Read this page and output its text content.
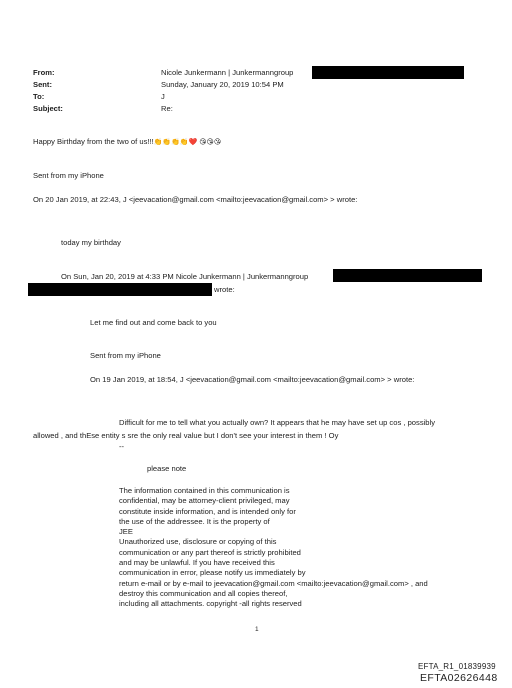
From:
Sent:
To:
Subject:
Nicole Junkermann | Junkermanngroup
Sunday, January 20, 2019 10:54 PM
J
Re:
Happy Birthday from the two of us!!!👏👏👏👏❤️ 😘😘😘
Sent from my iPhone
On 20 Jan 2019, at 22:43, J <jeevacation@gmail.com <mailto:jeevacation@gmail.com> > wrote:
today my birthday
On Sun, Jan 20, 2019 at 4:33 PM Nicole Junkermann | Junkermanngroup
wrote:
Let me find out and come back to you
Sent from my iPhone
On 19 Jan 2019, at 18:54, J <jeevacation@gmail.com <mailto:jeevacation@gmail.com> > wrote:
Difficult for me to tell what you actually own? It appears that he may have set up cos , possibly
allowed , and thEse entity s sre the only real value but I don't see your interest in them ! Oy
--
please note
The information contained in this communication is
confidential, may be attorney-client privileged, may
constitute inside information, and is intended only for
the use of the addressee. It is the property of
JEE
Unauthorized use, disclosure or copying of this
communication or any part thereof is strictly prohibited
and may be unlawful. If you have received this
communication in error, please notify us immediately by
return e-mail or by e-mail to jeevacation@gmail.com <mailto:jeevacation@gmail.com> , and
destroy this communication and all copies thereof,
including all attachments. copyright -all rights reserved
1
EFTA_R1_01839939
EFTA02626448
